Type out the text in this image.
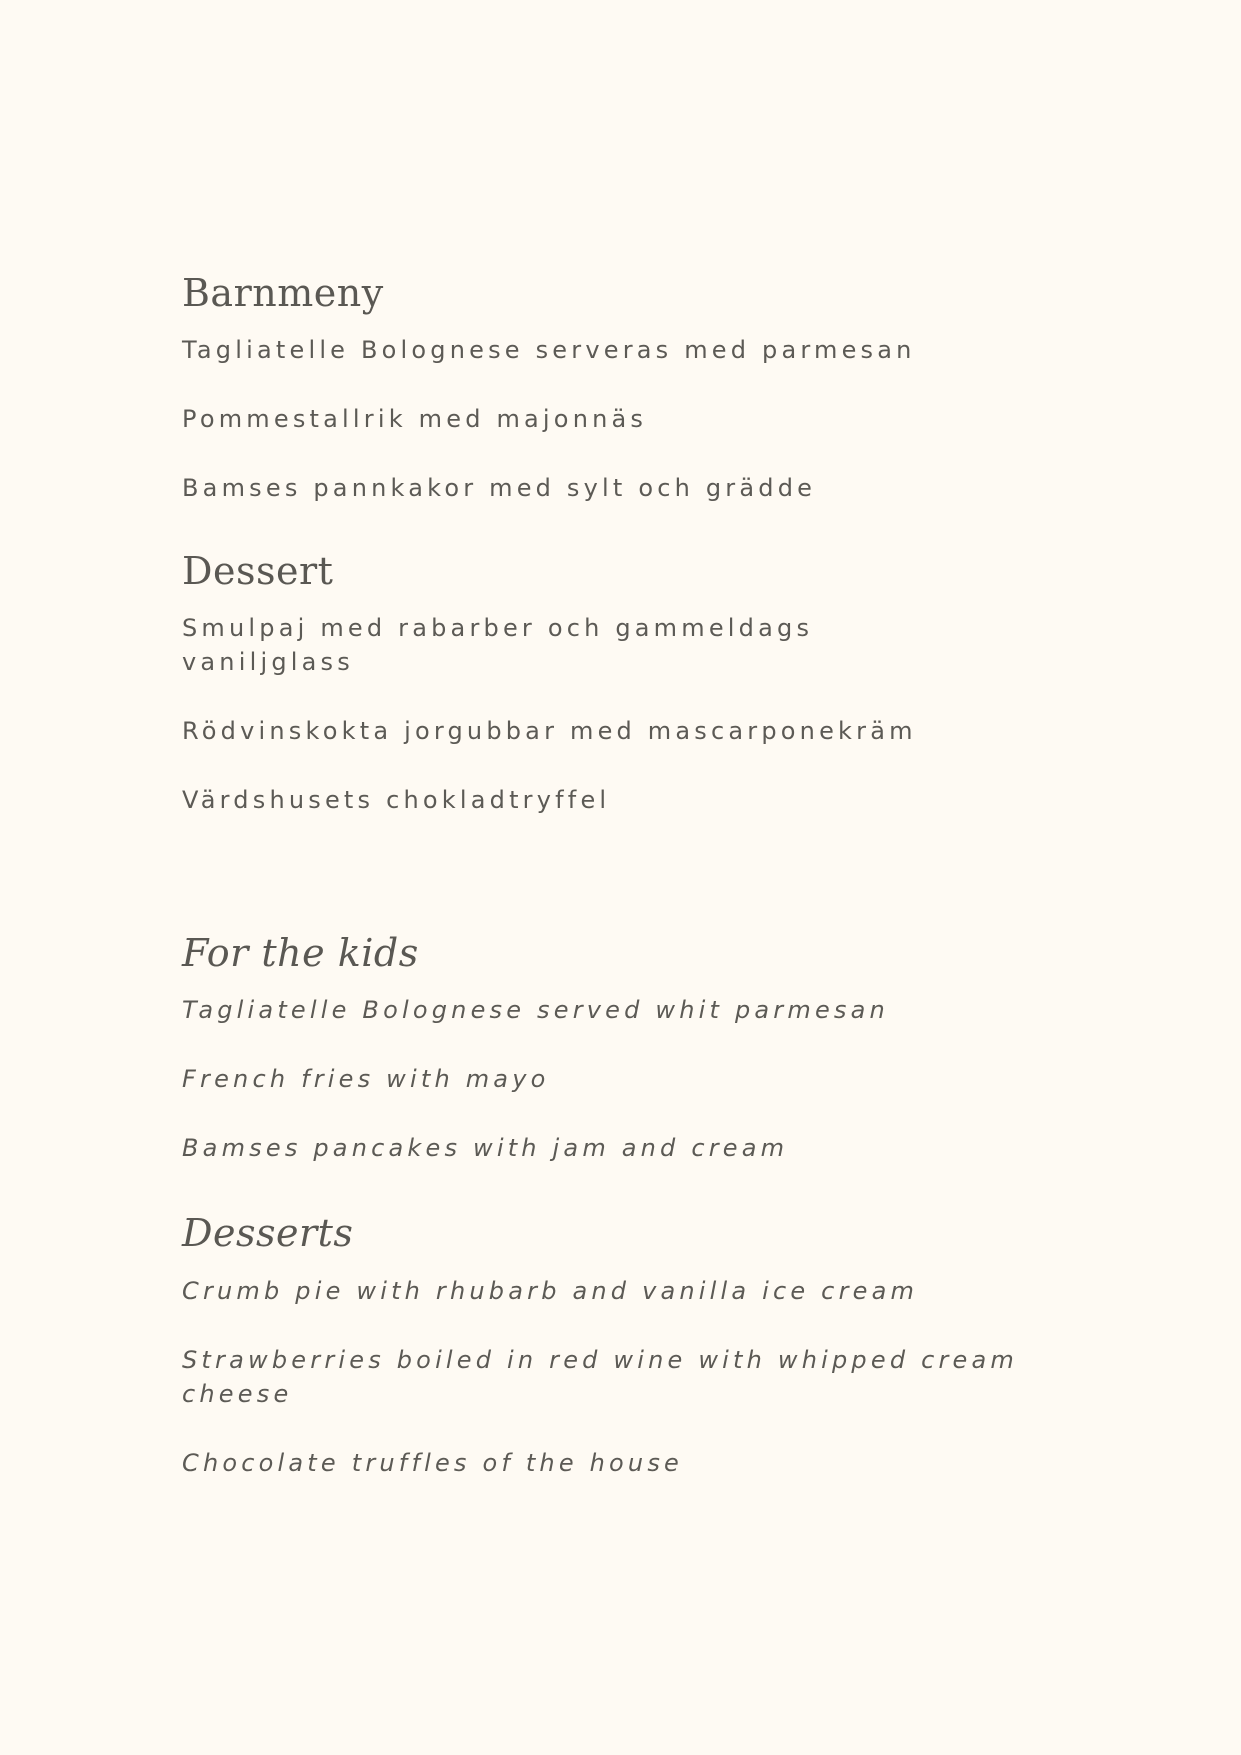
Barnmeny

Tagliatelle Bolognese serveras med parmesan

Pommestallrik med majonnäs

Bamses pannkakor med sylt och grädde

Dessert

Smulpaj med rabarber och gammeldags vaniljglass

Rödvinskokta jorgubbar med mascarponekräm

Värdshusets chokladtryffel

For the kids

Tagliatelle Bolognese served whit parmesan

French fries with mayo

Bamses pancakes with jam and cream

Desserts

Crumb pie with rhubarb and vanilla ice cream

Strawberries boiled in red wine with whipped cream cheese

Chocolate truffles of the house
